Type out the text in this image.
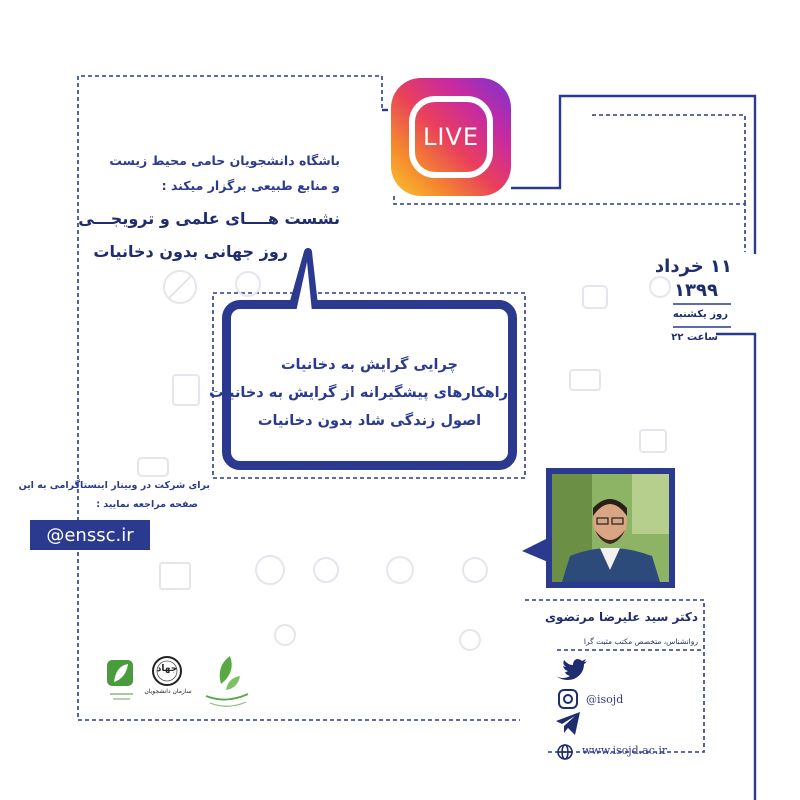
LIVE
باشگاه دانشجویان حامی محیط زیست
و منابع طبیعی برگزار میکند :
نشست هــــای علمی و ترویجـــی
روز جهانی بدون دخانیات
۱۱ خرداد
۱۳۹۹
روز یکشنبه
ساعت ۲۲
چرایی گرایش به دخانیات
راهکارهای پیشگیرانه از گرایش به دخانیات
اصول زندگی شاد بدون دخانیات
برای شرکت در وبینار اینستاگرامی به این
صفحه مراجعه نمایید :
@enssc.ir
دکتر سید علیرضا مرتضوی
روانشناس، متخصص مکتب مثبت گرا
@isojd
www.isojd.ac.ir
جهاد
سازمان دانشجویان
